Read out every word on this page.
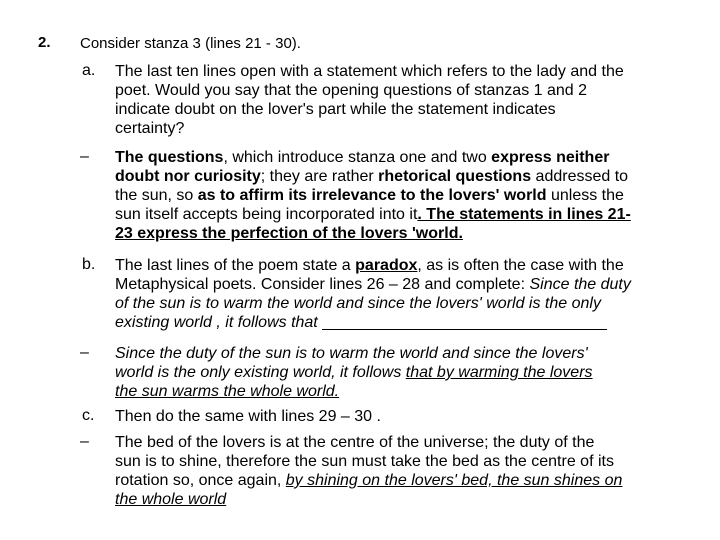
2. Consider stanza 3 (lines 21 - 30).
a. The last ten lines open with a statement which refers to the lady and the

poet. Would you say that the opening questions of stanzas 1 and 2

indicate doubt on the lover's part while the statement indicates

certainty?

– The questions, which introduce stanza one and two express neither

doubt nor curiosity; they are rather rhetorical questions addressed to

the sun, so as to affirm its irrelevance to the lovers' world unless the

sun itself accepts being incorporated into it. The statements in lines 21-

23 express the perfection of the lovers 'world.

b. The last lines of the poem state a paradox, as is often the case with the

Metaphysical poets. Consider lines 26 – 28 and complete: Since the duty

of the sun is to warm the world and since the lovers' world is the only

existing world , it follows that ________________________________

– Since the duty of the sun is to warm the world and since the lovers'

world is the only existing world, it follows that by warming the lovers

the sun warms the whole world.

c. Then do the same with lines 29 – 30 .

– The bed of the lovers is at the centre of the universe; the duty of the

sun is to shine, therefore the sun must take the bed as the centre of its

rotation so, once again, by shining on the lovers' bed, the sun shines on

the whole world
